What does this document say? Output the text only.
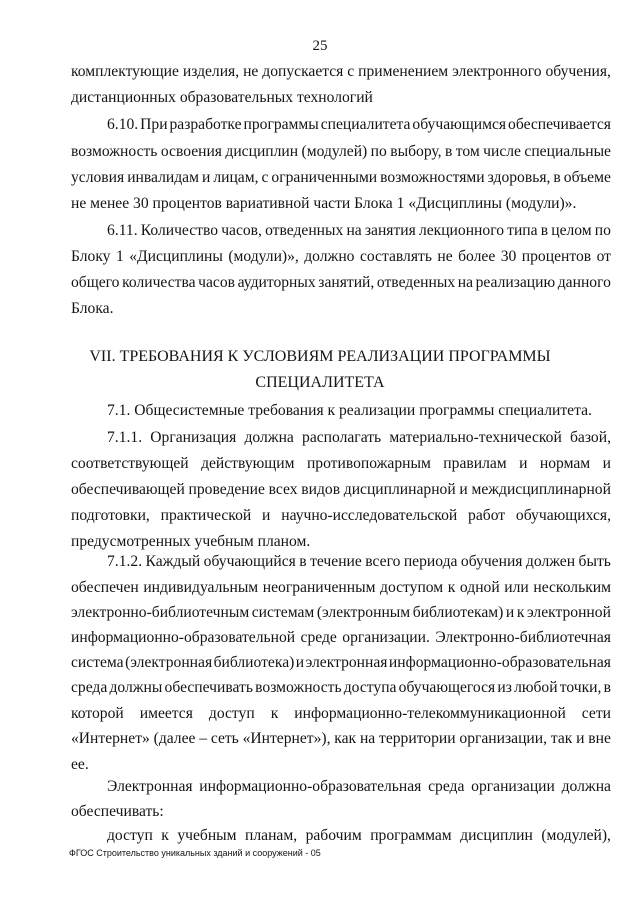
25
комплектующие изделия, не допускается с применением электронного обучения,
дистанционных образовательных технологий
6.10. При разработке программы специалитета обучающимся обеспечивается
возможность освоения дисциплин (модулей) по выбору, в том числе специальные
условия инвалидам и лицам, с ограниченными возможностями здоровья, в объеме
не менее 30 процентов вариативной части Блока 1 «Дисциплины (модули)».
6.11. Количество часов, отведенных на занятия лекционного типа в целом по
Блоку 1 «Дисциплины (модули)», должно составлять не более 30 процентов от
общего количества часов аудиторных занятий, отведенных на реализацию данного
Блока.
VII. ТРЕБОВАНИЯ К УСЛОВИЯМ РЕАЛИЗАЦИИ ПРОГРАММЫ
СПЕЦИАЛИТЕТА
7.1. Общесистемные требования к реализации программы специалитета.
7.1.1. Организация должна располагать материально-технической базой,
соответствующей действующим противопожарным правилам и нормам и
обеспечивающей проведение всех видов дисциплинарной и междисциплинарной
подготовки, практической и научно-исследовательской работ обучающихся,
предусмотренных учебным планом.
7.1.2. Каждый обучающийся в течение всего периода обучения должен быть
обеспечен индивидуальным неограниченным доступом к одной или нескольким
электронно-библиотечным системам (электронным библиотекам) и к электронной
информационно-образовательной среде организации. Электронно-библиотечная
система (электронная библиотека) и электронная информационно-образовательная
среда должны обеспечивать возможность доступа обучающегося из любой точки, в
которой имеется доступ к информационно-телекоммуникационной сети
«Интернет» (далее – сеть «Интернет»), как на территории организации, так и вне
ее.
Электронная информационно-образовательная среда организации должна
обеспечивать:
доступ к учебным планам, рабочим программам дисциплин (модулей),
ФГОС Строительство уникальных зданий и сооружений - 05
